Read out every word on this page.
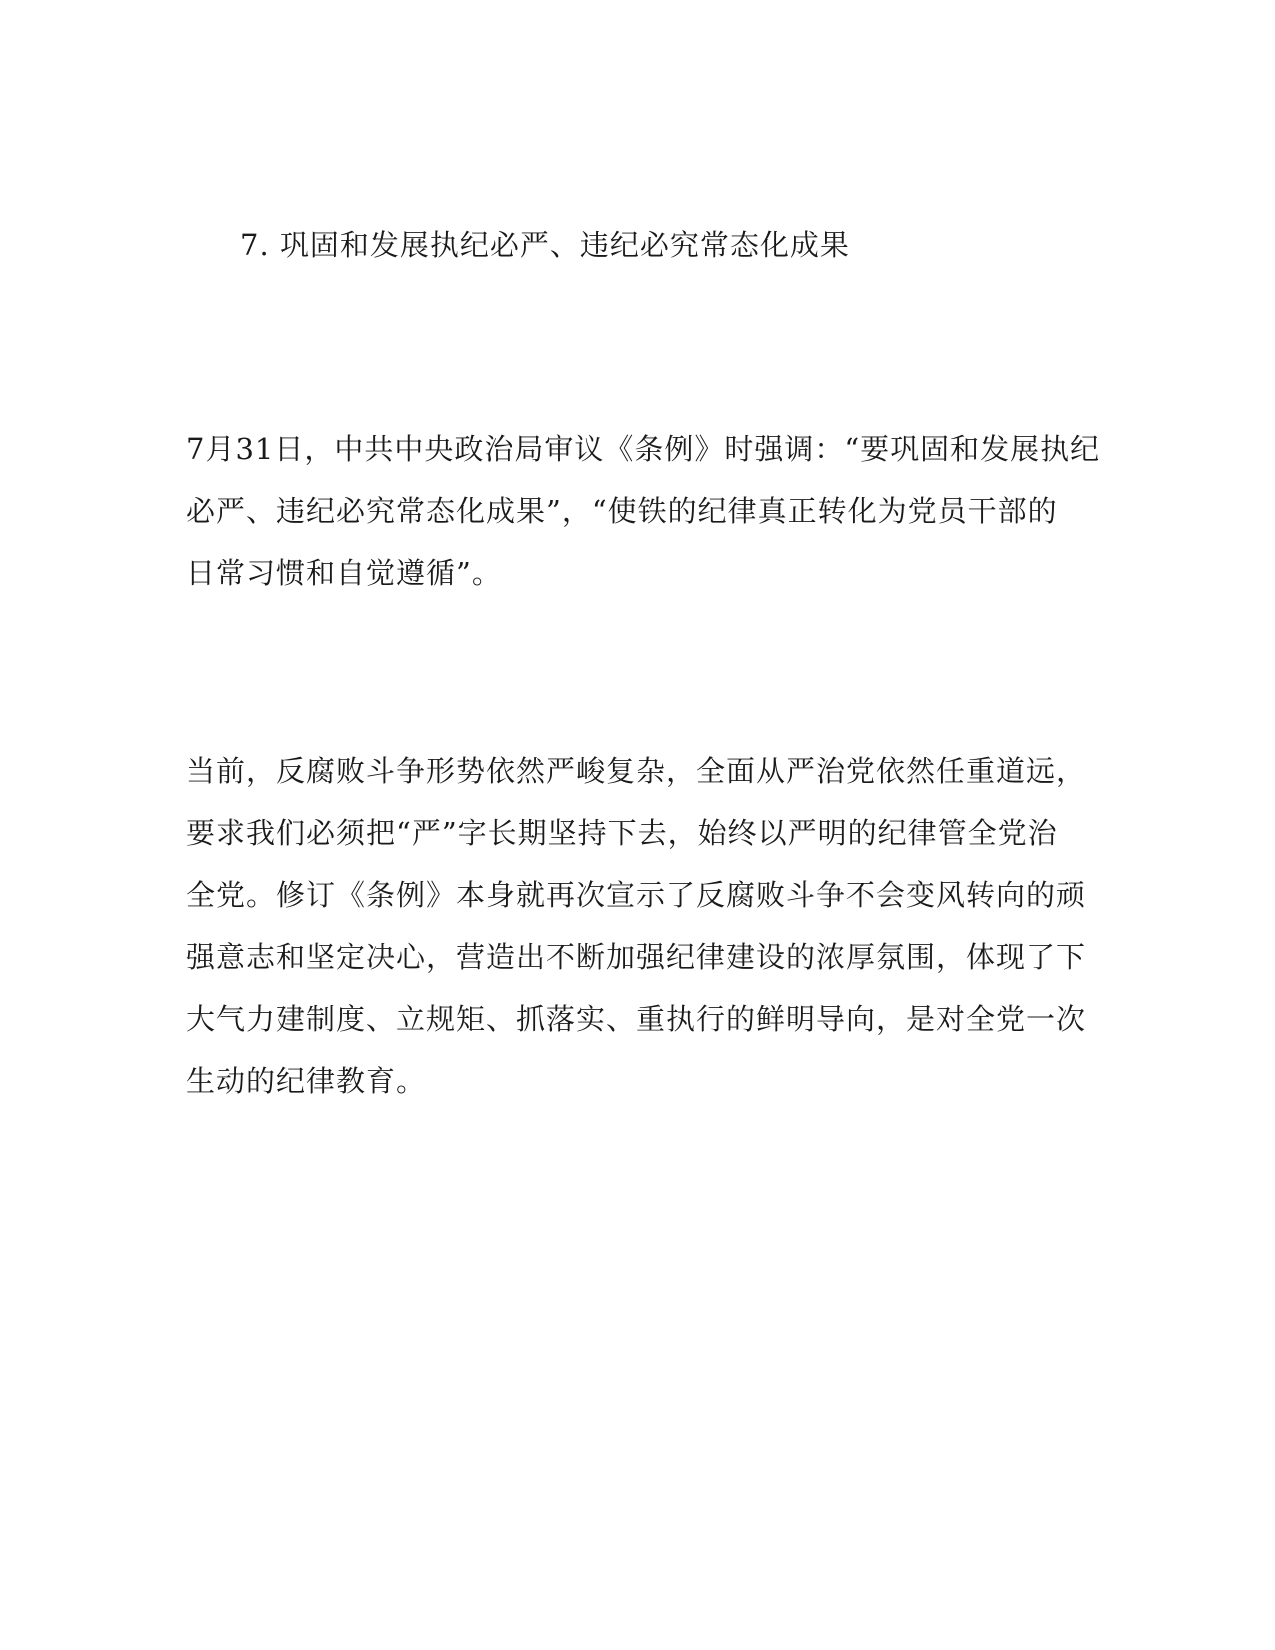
7. 巩固和发展执纪必严、违纪必究常态化成果

7月31日，中共中央政治局审议《条例》时强调：“要巩固和发展执纪
必严、违纪必究常态化成果”，“使铁的纪律真正转化为党员干部的
日常习惯和自觉遵循”。

当前，反腐败斗争形势依然严峻复杂，全面从严治党依然任重道远，
要求我们必须把“严”字长期坚持下去，始终以严明的纪律管全党治
全党。修订《条例》本身就再次宣示了反腐败斗争不会变风转向的顽
强意志和坚定决心，营造出不断加强纪律建设的浓厚氛围，体现了下
大气力建制度、立规矩、抓落实、重执行的鲜明导向，是对全党一次
生动的纪律教育。
